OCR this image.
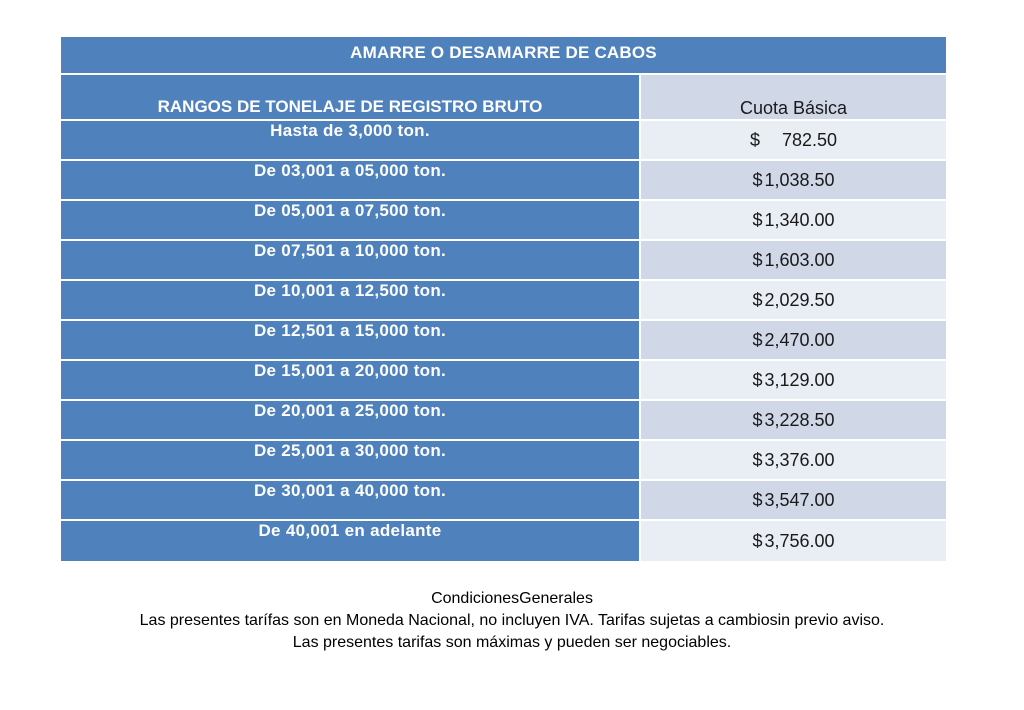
AMARRE O DESAMARRE DE CABOS
RANGOS DE TONELAJE DE REGISTRO BRUTO	Cuota Básica
Hasta de 3,000 ton.	$ 782.50
De 03,001 a 05,000 ton.	$ 1,038.50
De 05,001 a 07,500 ton.	$ 1,340.00
De 07,501 a 10,000 ton.	$ 1,603.00
De 10,001 a 12,500 ton.	$ 2,029.50
De 12,501 a 15,000 ton.	$ 2,470.00
De 15,001 a 20,000 ton.	$ 3,129.00
De 20,001 a 25,000 ton.	$ 3,228.50
De 25,001 a 30,000 ton.	$ 3,376.00
De 30,001 a 40,000 ton.	$ 3,547.00
De 40,001 en adelante	$ 3,756.00
CondicionesGenerales
Las presentes tarífas son en Moneda Nacional, no incluyen IVA. Tarifas sujetas a cambiosin previo aviso.
Las presentes tarifas son máximas y pueden ser negociables.
